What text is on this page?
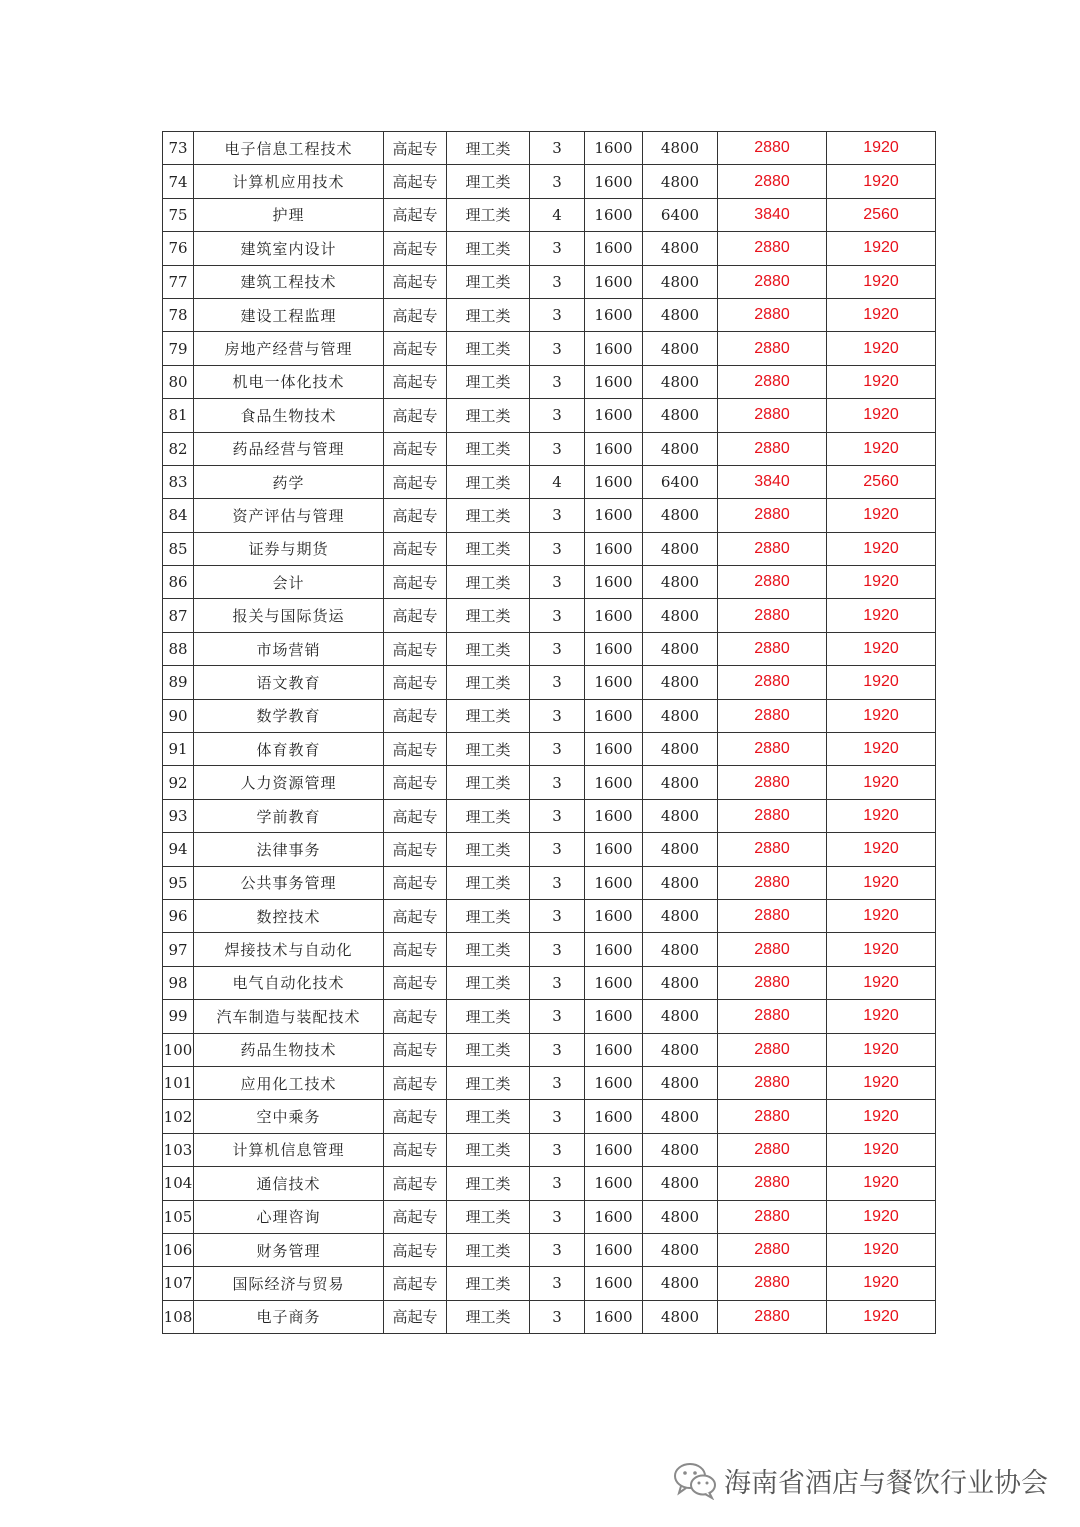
73	电子信息工程技术	高起专	理工类	3	1600	4800	2880	1920
74	计算机应用技术	高起专	理工类	3	1600	4800	2880	1920
75	护理	高起专	理工类	4	1600	6400	3840	2560
76	建筑室内设计	高起专	理工类	3	1600	4800	2880	1920
77	建筑工程技术	高起专	理工类	3	1600	4800	2880	1920
78	建设工程监理	高起专	理工类	3	1600	4800	2880	1920
79	房地产经营与管理	高起专	理工类	3	1600	4800	2880	1920
80	机电一体化技术	高起专	理工类	3	1600	4800	2880	1920
81	食品生物技术	高起专	理工类	3	1600	4800	2880	1920
82	药品经营与管理	高起专	理工类	3	1600	4800	2880	1920
83	药学	高起专	理工类	4	1600	6400	3840	2560
84	资产评估与管理	高起专	理工类	3	1600	4800	2880	1920
85	证券与期货	高起专	理工类	3	1600	4800	2880	1920
86	会计	高起专	理工类	3	1600	4800	2880	1920
87	报关与国际货运	高起专	理工类	3	1600	4800	2880	1920
88	市场营销	高起专	理工类	3	1600	4800	2880	1920
89	语文教育	高起专	理工类	3	1600	4800	2880	1920
90	数学教育	高起专	理工类	3	1600	4800	2880	1920
91	体育教育	高起专	理工类	3	1600	4800	2880	1920
92	人力资源管理	高起专	理工类	3	1600	4800	2880	1920
93	学前教育	高起专	理工类	3	1600	4800	2880	1920
94	法律事务	高起专	理工类	3	1600	4800	2880	1920
95	公共事务管理	高起专	理工类	3	1600	4800	2880	1920
96	数控技术	高起专	理工类	3	1600	4800	2880	1920
97	焊接技术与自动化	高起专	理工类	3	1600	4800	2880	1920
98	电气自动化技术	高起专	理工类	3	1600	4800	2880	1920
99	汽车制造与装配技术	高起专	理工类	3	1600	4800	2880	1920
100	药品生物技术	高起专	理工类	3	1600	4800	2880	1920
101	应用化工技术	高起专	理工类	3	1600	4800	2880	1920
102	空中乘务	高起专	理工类	3	1600	4800	2880	1920
103	计算机信息管理	高起专	理工类	3	1600	4800	2880	1920
104	通信技术	高起专	理工类	3	1600	4800	2880	1920
105	心理咨询	高起专	理工类	3	1600	4800	2880	1920
106	财务管理	高起专	理工类	3	1600	4800	2880	1920
107	国际经济与贸易	高起专	理工类	3	1600	4800	2880	1920
108	电子商务	高起专	理工类	3	1600	4800	2880	1920
海南省酒店与餐饮行业协会
